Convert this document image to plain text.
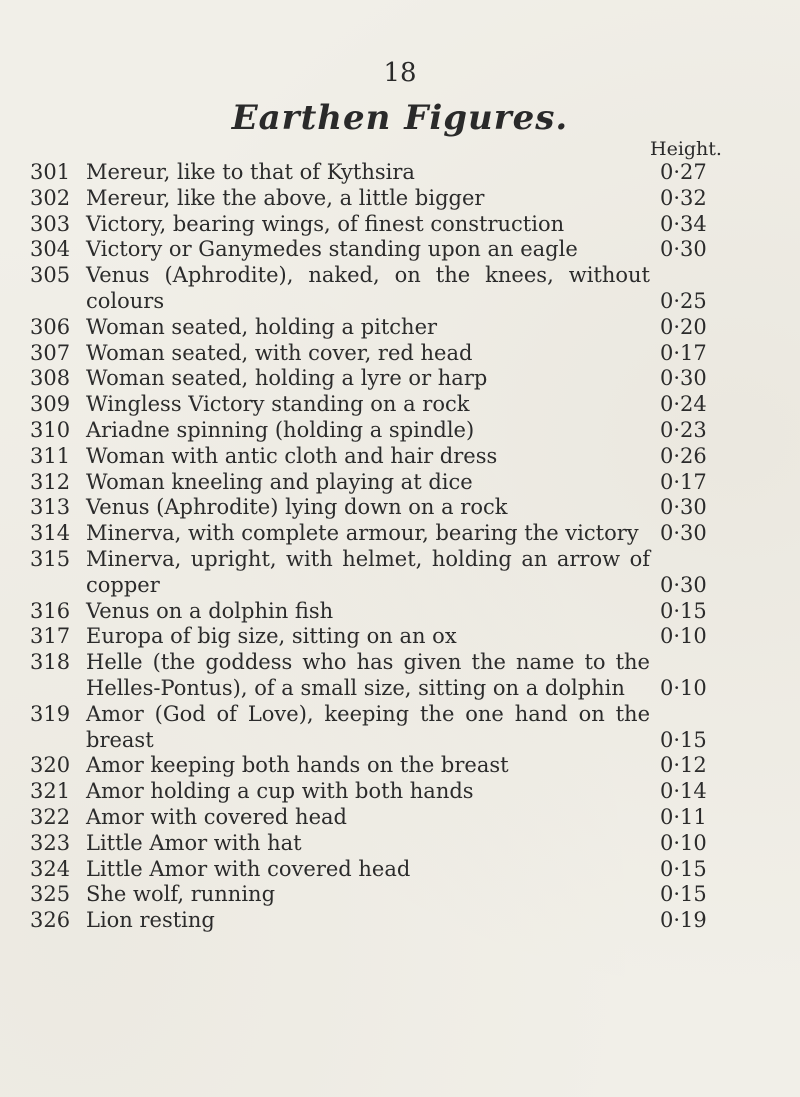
18
Earthen Figures.
Height.
301 Mereur, like to that of Kythsira	0·27
302 Mereur, like the above, a little bigger	0·32
303 Victory, bearing wings, of finest construction	0·34
304 Victory or Ganymedes standing upon an eagle	0·30
305 Venus (Aphrodite), naked, on the knees, without colours	0·25
306 Woman seated, holding a pitcher	0·20
307 Woman seated, with cover, red head	0·17
308 Woman seated, holding a lyre or harp	0·30
309 Wingless Victory standing on a rock	0·24
310 Ariadne spinning (holding a spindle)	0·23
311 Woman with antic cloth and hair dress	0·26
312 Woman kneeling and playing at dice	0·17
313 Venus (Aphrodite) lying down on a rock	0·30
314 Minerva, with complete armour, bearing the victory	0·30
315 Minerva, upright, with helmet, holding an arrow of copper	0·30
316 Venus on a dolphin fish	0·15
317 Europa of big size, sitting on an ox	0·10
318 Helle (the goddess who has given the name to the Helles-Pontus), of a small size, sitting on a dolphin	0·10
319 Amor (God of Love), keeping the one hand on the breast	0·15
320 Amor keeping both hands on the breast	0·12
321 Amor holding a cup with both hands	0·14
322 Amor with covered head	0·11
323 Little Amor with hat	0·10
324 Little Amor with covered head	0·15
325 She wolf, running	0·15
326 Lion resting	0·19
